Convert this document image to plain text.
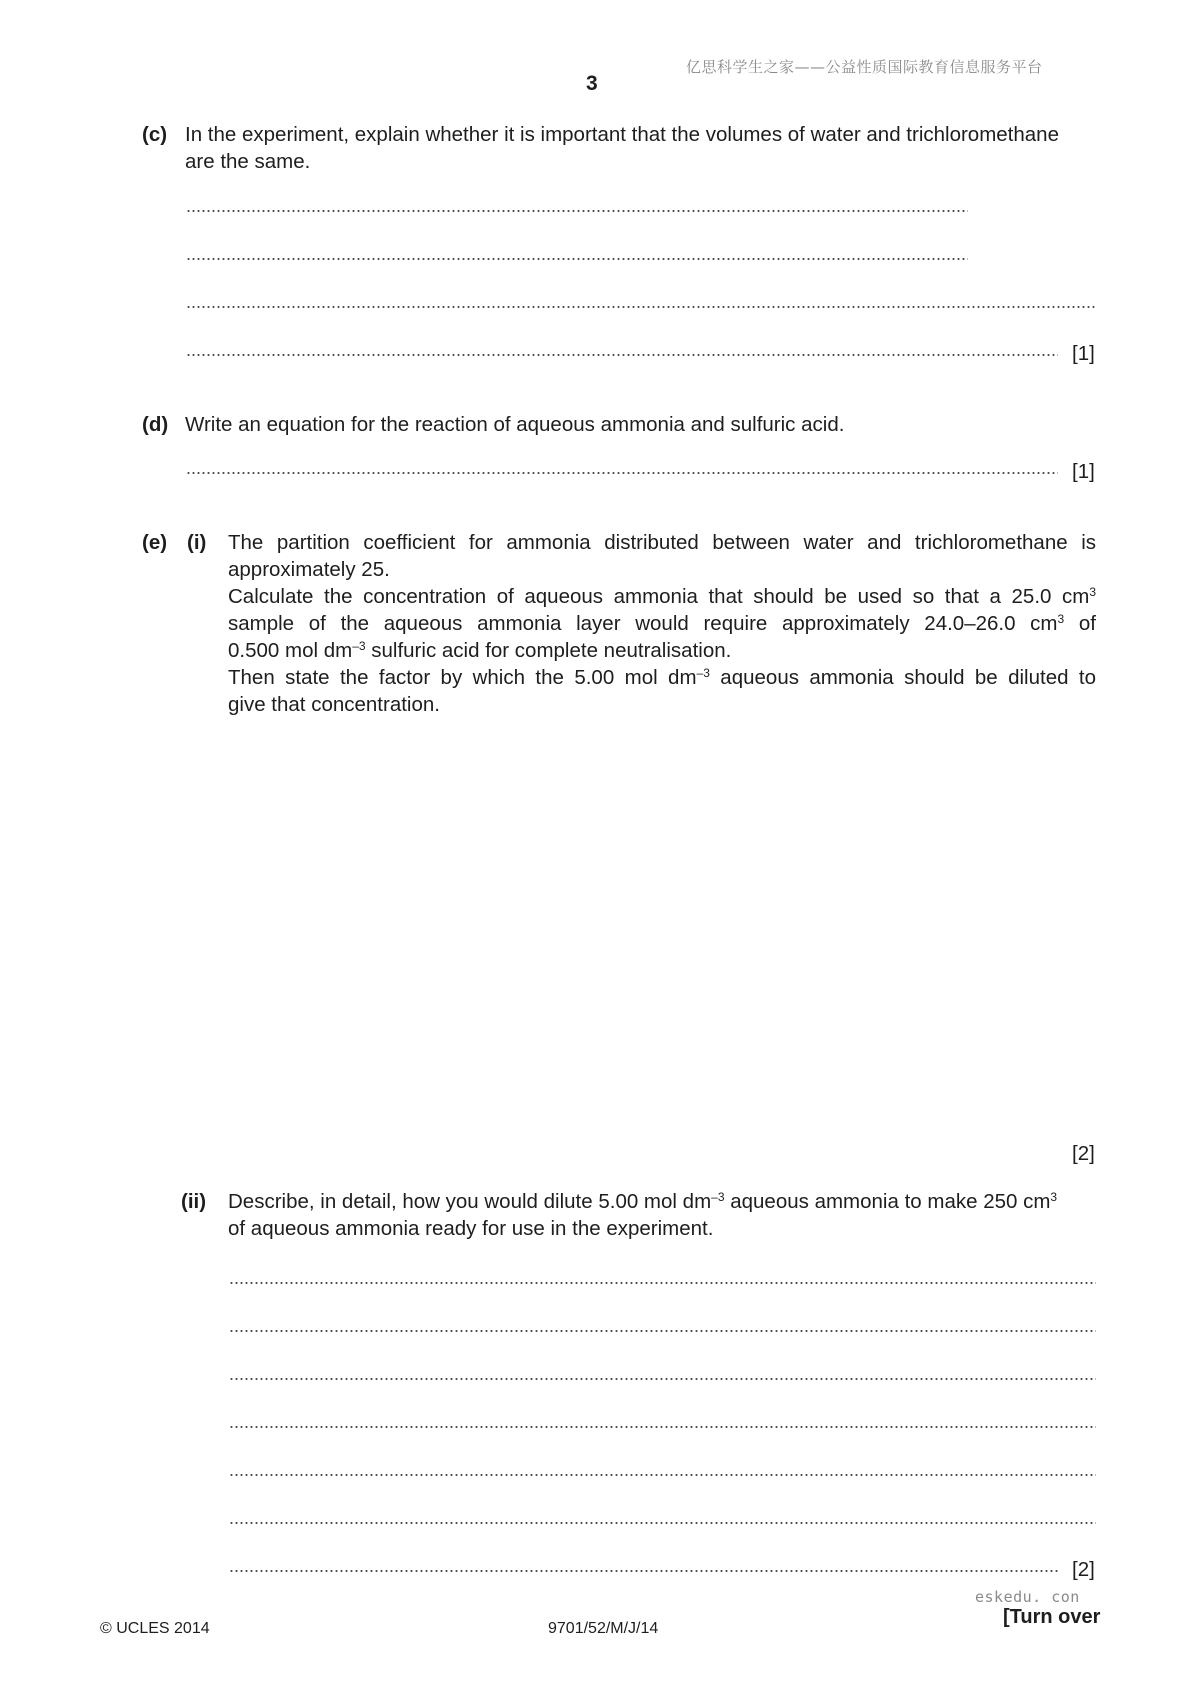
亿思科学生之家——公益性质国际教育信息服务平台
3
(c) In the experiment, explain whether it is important that the volumes of water and trichloromethane
are the same.
[1]
(d) Write an equation for the reaction of aqueous ammonia and sulfuric acid.
[1]
(e) (i) The partition coefficient for ammonia distributed between water and trichloromethane is
approximately 25.
Calculate the concentration of aqueous ammonia that should be used so that a 25.0 $cm^3$
sample of the aqueous ammonia layer would require approximately 24.0–26.0 $cm^3$ of
0.500 mol $dm^{-3}$ sulfuric acid for complete neutralisation.
Then state the factor by which the 5.00 mol $dm^{-3}$ aqueous ammonia should be diluted to
give that concentration.
[2]
(ii) Describe, in detail, how you would dilute 5.00 mol $dm^{-3}$ aqueous ammonia to make 250 $cm^3$
of aqueous ammonia ready for use in the experiment.
[2]
eskedu. con
© UCLES 2014	9701/52/M/J/14
[Turn over
